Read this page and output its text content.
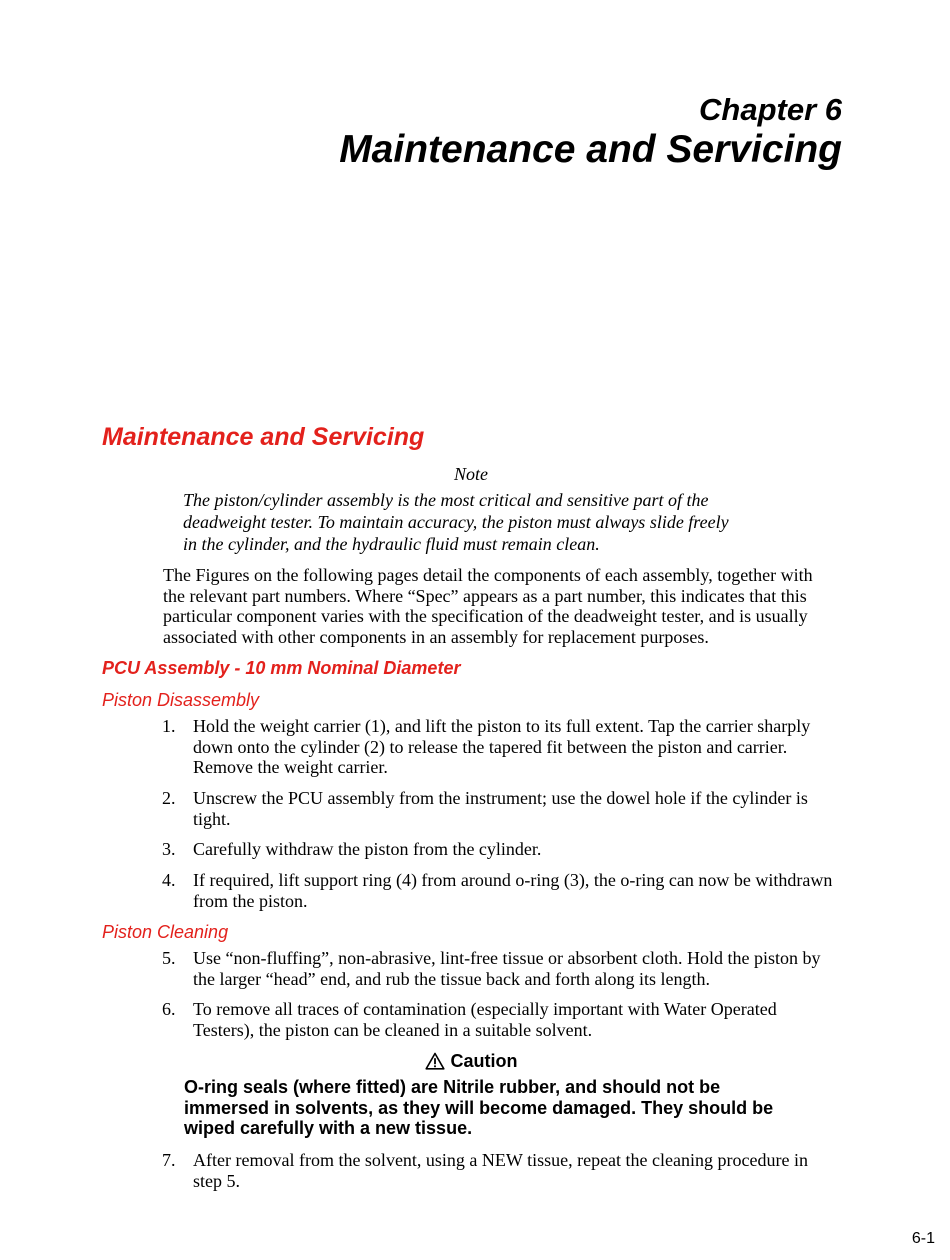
Chapter 6
Maintenance and Servicing
Maintenance and Servicing
Note
The piston/cylinder assembly is the most critical and sensitive part of the deadweight tester. To maintain accuracy, the piston must always slide freely in the cylinder, and the hydraulic fluid must remain clean.
The Figures on the following pages detail the components of each assembly, together with the relevant part numbers. Where “Spec” appears as a part number, this indicates that this particular component varies with the specification of the deadweight tester, and is usually associated with other components in an assembly for replacement purposes.
PCU Assembly - 10 mm Nominal Diameter
Piston Disassembly
1. Hold the weight carrier (1), and lift the piston to its full extent. Tap the carrier sharply down onto the cylinder (2) to release the tapered fit between the piston and carrier. Remove the weight carrier.
2. Unscrew the PCU assembly from the instrument; use the dowel hole if the cylinder is tight.
3. Carefully withdraw the piston from the cylinder.
4. If required, lift support ring (4) from around o-ring (3), the o-ring can now be withdrawn from the piston.
Piston Cleaning
5. Use “non-fluffing”, non-abrasive, lint-free tissue or absorbent cloth. Hold the piston by the larger “head” end, and rub the tissue back and forth along its length.
6. To remove all traces of contamination (especially important with Water Operated Testers), the piston can be cleaned in a suitable solvent.
Caution
O-ring seals (where fitted) are Nitrile rubber, and should not be immersed in solvents, as they will become damaged. They should be wiped carefully with a new tissue.
7. After removal from the solvent, using a NEW tissue, repeat the cleaning procedure in step 5.
6-1
